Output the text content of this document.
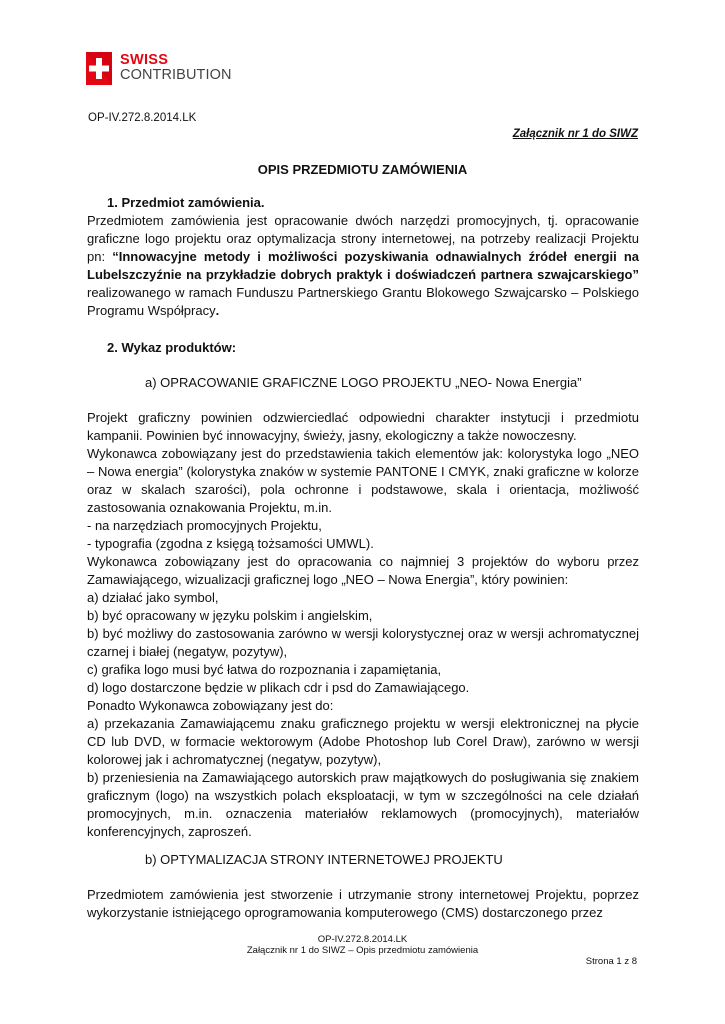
SWISS
CONTRIBUTION
OP-IV.272.8.2014.LK
Załącznik nr 1 do SIWZ
OPIS PRZEDMIOTU ZAMÓWIENIA
1. Przedmiot zamówienia.
Przedmiotem zamówienia jest opracowanie dwóch narzędzi promocyjnych, tj. opracowanie graficzne logo projektu oraz optymalizacja strony internetowej, na potrzeby realizacji Projektu pn: “Innowacyjne metody i możliwości pozyskiwania odnawialnych źródeł energii na Lubelszczyźnie na przykładzie dobrych praktyk i doświadczeń partnera szwajcarskiego” realizowanego w ramach Funduszu Partnerskiego Grantu Blokowego Szwajcarsko – Polskiego Programu Współpracy.
2. Wykaz produktów:
a) OPRACOWANIE GRAFICZNE LOGO PROJEKTU „NEO- Nowa Energia”
Projekt graficzny powinien odzwierciedlać odpowiedni charakter instytucji i przedmiotu kampanii. Powinien być innowacyjny, świeży, jasny, ekologiczny a także nowoczesny.
Wykonawca zobowiązany jest do przedstawienia takich elementów jak: kolorystyka logo „NEO – Nowa energia” (kolorystyka znaków w systemie PANTONE I CMYK, znaki graficzne w kolorze oraz w skalach szarości), pola ochronne i podstawowe, skala i orientacja, możliwość zastosowania oznakowania Projektu, m.in.
- na narzędziach promocyjnych Projektu,
- typografia (zgodna z księgą tożsamości UMWL).
Wykonawca zobowiązany jest do opracowania co najmniej 3 projektów do wyboru przez Zamawiającego, wizualizacji graficznej logo „NEO – Nowa Energia”, który powinien:
a) działać jako symbol,
b) być opracowany w języku polskim i angielskim,
b) być możliwy do zastosowania zarówno w wersji kolorystycznej oraz w wersji achromatycznej czarnej i białej (negatyw, pozytyw),
c) grafika logo musi być łatwa do rozpoznania i zapamiętania,
d) logo dostarczone będzie w plikach cdr i psd do Zamawiającego.
Ponadto Wykonawca zobowiązany jest do:
a) przekazania Zamawiającemu znaku graficznego projektu w wersji elektronicznej na płycie CD lub DVD, w formacie wektorowym (Adobe Photoshop lub Corel Draw), zarówno w wersji kolorowej jak i achromatycznej (negatyw, pozytyw),
b) przeniesienia na Zamawiającego autorskich praw majątkowych do posługiwania się znakiem graficznym (logo) na wszystkich polach eksploatacji, w tym w szczególności na cele działań promocyjnych, m.in. oznaczenia materiałów reklamowych (promocyjnych), materiałów konferencyjnych, zaproszeń.
b) OPTYMALIZACJA STRONY INTERNETOWEJ PROJEKTU
Przedmiotem zamówienia jest stworzenie i utrzymanie strony internetowej Projektu, poprzez wykorzystanie istniejącego oprogramowania komputerowego (CMS) dostarczonego przez
OP-IV.272.8.2014.LK
Załącznik nr 1 do SIWZ – Opis przedmiotu zamówienia
Strona 1 z 8
